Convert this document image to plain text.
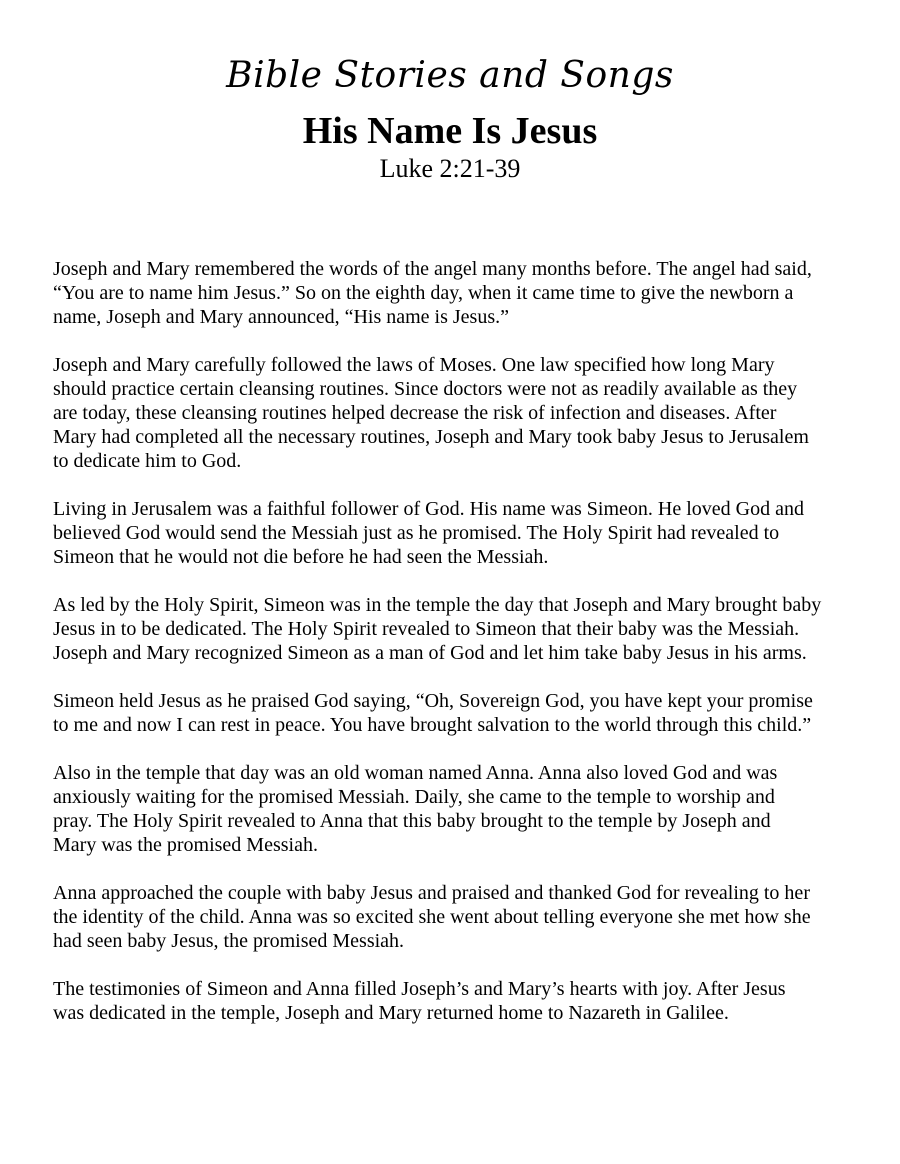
Bible Stories and Songs
His Name Is Jesus
Luke 2:21-39

Joseph and Mary remembered the words of the angel many months before. The angel had said,
“You are to name him Jesus.” So on the eighth day, when it came time to give the newborn a
name, Joseph and Mary announced, “His name is Jesus.”

Joseph and Mary carefully followed the laws of Moses. One law specified how long Mary
should practice certain cleansing routines. Since doctors were not as readily available as they
are today, these cleansing routines helped decrease the risk of infection and diseases. After
Mary had completed all the necessary routines, Joseph and Mary took baby Jesus to Jerusalem
to dedicate him to God.

Living in Jerusalem was a faithful follower of God. His name was Simeon. He loved God and
believed God would send the Messiah just as he promised. The Holy Spirit had revealed to
Simeon that he would not die before he had seen the Messiah.

As led by the Holy Spirit, Simeon was in the temple the day that Joseph and Mary brought baby
Jesus in to be dedicated. The Holy Spirit revealed to Simeon that their baby was the Messiah.
Joseph and Mary recognized Simeon as a man of God and let him take baby Jesus in his arms.

Simeon held Jesus as he praised God saying, “Oh, Sovereign God, you have kept your promise
to me and now I can rest in peace. You have brought salvation to the world through this child.”

Also in the temple that day was an old woman named Anna. Anna also loved God and was
anxiously waiting for the promised Messiah. Daily, she came to the temple to worship and
pray. The Holy Spirit revealed to Anna that this baby brought to the temple by Joseph and
Mary was the promised Messiah.

Anna approached the couple with baby Jesus and praised and thanked God for revealing to her
the identity of the child. Anna was so excited she went about telling everyone she met how she
had seen baby Jesus, the promised Messiah.

The testimonies of Simeon and Anna filled Joseph’s and Mary’s hearts with joy. After Jesus
was dedicated in the temple, Joseph and Mary returned home to Nazareth in Galilee.
